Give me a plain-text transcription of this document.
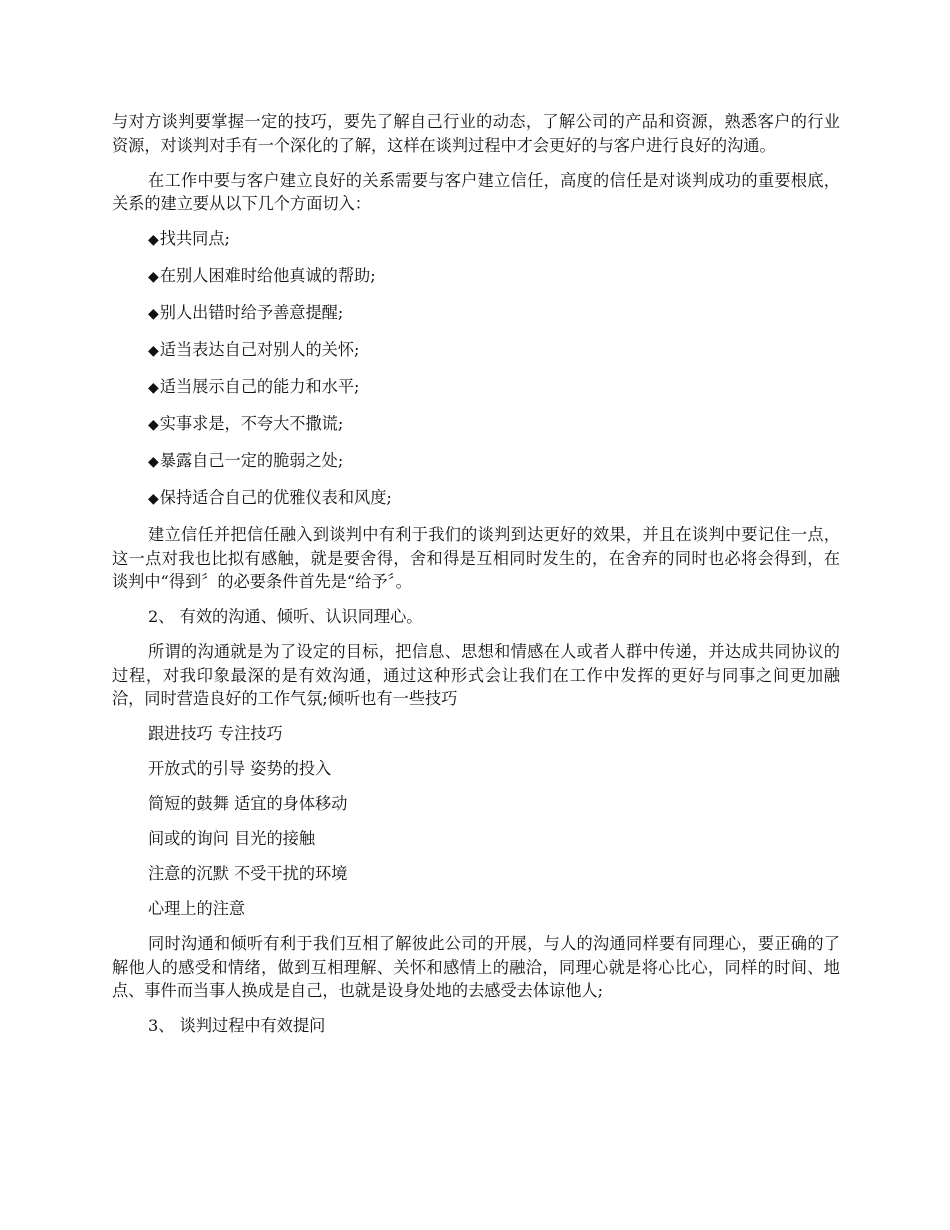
与对方谈判要掌握一定的技巧，要先了解自己行业的动态，了解公司的产品和资源，熟悉客户的行业资源，对谈判对手有一个深化的了解，这样在谈判过程中才会更好的与客户进行良好的沟通。

在工作中要与客户建立良好的关系需要与客户建立信任，高度的信任是对谈判成功的重要根底，关系的建立要从以下几个方面切入：

◆找共同点;
◆在别人困难时给他真诚的帮助;
◆别人出错时给予善意提醒;
◆适当表达自己对别人的关怀;
◆适当展示自己的能力和水平;
◆实事求是，不夸大不撒谎;
◆暴露自己一定的脆弱之处;
◆保持适合自己的优雅仪表和风度;

建立信任并把信任融入到谈判中有利于我们的谈判到达更好的效果，并且在谈判中要记住一点，这一点对我也比拟有感触，就是要舍得，舍和得是互相同时发生的，在舍弃的同时也必将会得到，在谈判中“得到〞的必要条件首先是“给予〞。

2、 有效的沟通、倾听、认识同理心。

所谓的沟通就是为了设定的目标，把信息、思想和情感在人或者人群中传递，并达成共同协议的过程，对我印象最深的是有效沟通，通过这种形式会让我们在工作中发挥的更好与同事之间更加融洽，同时营造良好的工作气氛;倾听也有一些技巧

跟进技巧 专注技巧
开放式的引导 姿势的投入
简短的鼓舞 适宜的身体移动
间或的询问 目光的接触
注意的沉默 不受干扰的环境
心理上的注意

同时沟通和倾听有利于我们互相了解彼此公司的开展，与人的沟通同样要有同理心，要正确的了解他人的感受和情绪，做到互相理解、关怀和感情上的融洽，同理心就是将心比心，同样的时间、地点、事件而当事人换成是自己，也就是设身处地的去感受去体谅他人;

3、 谈判过程中有效提问
